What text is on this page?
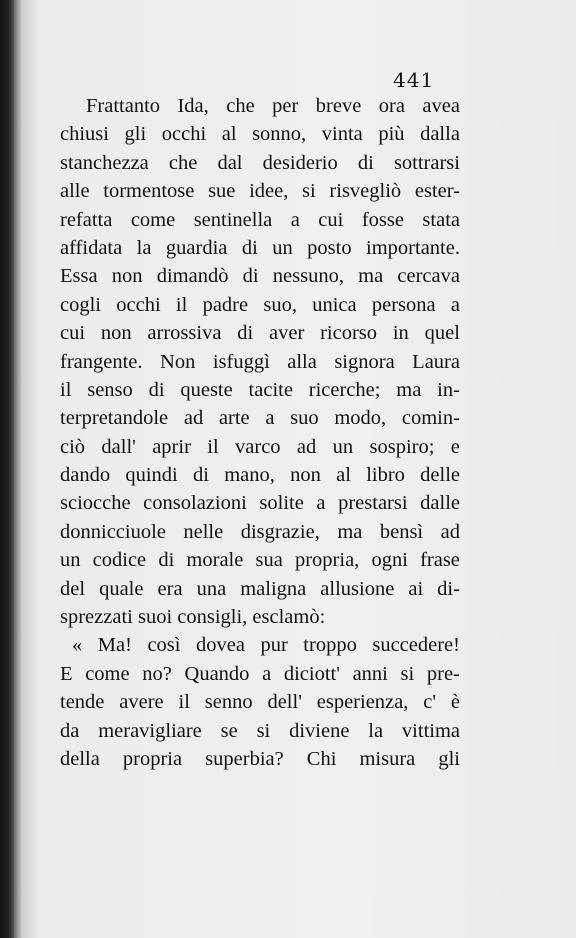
441
Frattanto Ida, che per breve ora avea
chiusi gli occhi al sonno, vinta più dalla
stanchezza che dal desiderio di sottrarsi
alle tormentose sue idee, si risvegliò ester-
refatta come sentinella a cui fosse stata
affidata la guardia di un posto importante.
Essa non dimandò di nessuno, ma cercava
cogli occhi il padre suo, unica persona a
cui non arrossiva di aver ricorso in quel
frangente. Non isfuggì alla signora Laura
il senso di queste tacite ricerche; ma in-
terpretandole ad arte a suo modo, comin-
ciò dall' aprir il varco ad un sospiro; e
dando quindi di mano, non al libro delle
sciocche consolazioni solite a prestarsi dalle
donnicciuole nelle disgrazie, ma bensì ad
un codice di morale sua propria, ogni frase
del quale era una maligna allusione ai di-
sprezzati suoi consigli, esclamò:
« Ma! così dovea pur troppo succedere!
E come no? Quando a diciott' anni si pre-
tende avere il senno dell' esperienza, c' è
da meravigliare se si diviene la vittima
della propria superbia? Chi misura gli
